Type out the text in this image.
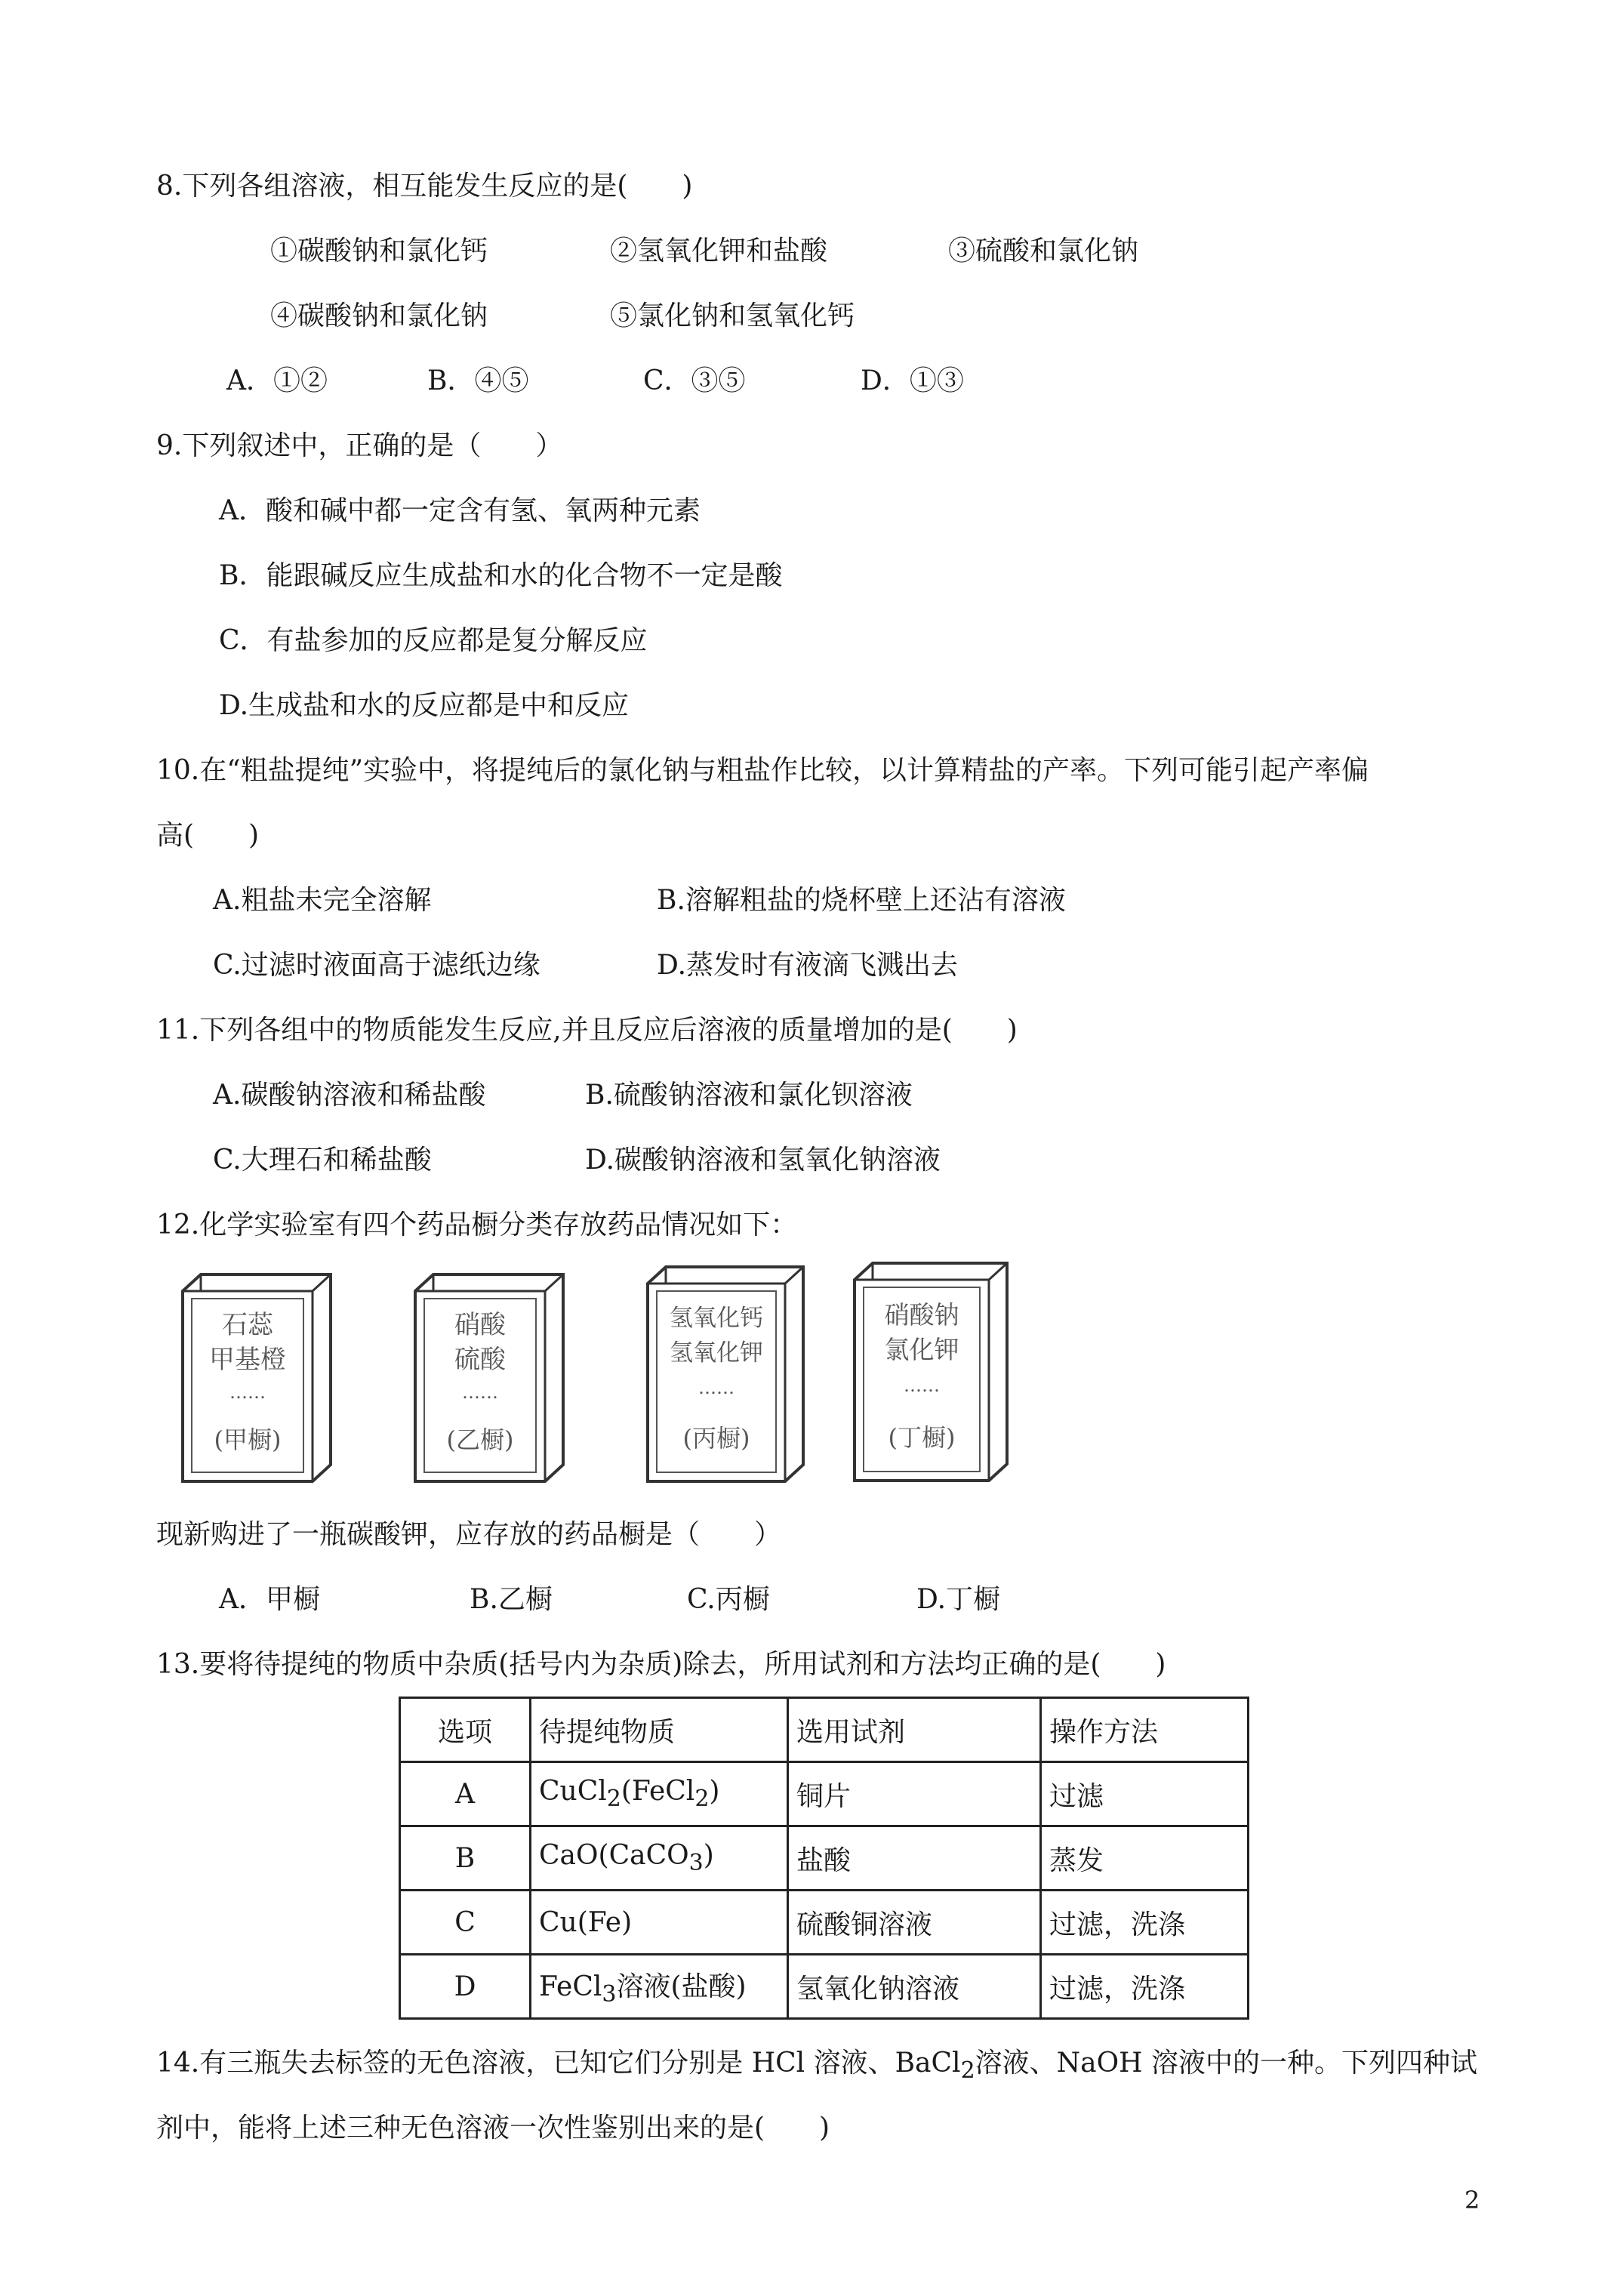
8.下列各组溶液，相互能发生反应的是(　　)
①碳酸钠和氯化钙	②氢氧化钾和盐酸	③硫酸和氯化钠
④碳酸钠和氯化钠	⑤氯化钠和氢氧化钙
A．①②	B．④⑤	C．③⑤	D．①③
9.下列叙述中，正确的是（　　）
A．酸和碱中都一定含有氢、氧两种元素
B．能跟碱反应生成盐和水的化合物不一定是酸
C．有盐参加的反应都是复分解反应
D.生成盐和水的反应都是中和反应
10.在“粗盐提纯”实验中，将提纯后的氯化钠与粗盐作比较，以计算精盐的产率。下列可能引起产率偏
高(　　)
A.粗盐未完全溶解	B.溶解粗盐的烧杯壁上还沾有溶液
C.过滤时液面高于滤纸边缘	D.蒸发时有液滴飞溅出去
11.下列各组中的物质能发生反应,并且反应后溶液的质量增加的是(　　)
A.碳酸钠溶液和稀盐酸	B.硫酸钠溶液和氯化钡溶液
C.大理石和稀盐酸	D.碳酸钠溶液和氢氧化钠溶液
12.化学实验室有四个药品橱分类存放药品情况如下：
石蕊
甲基橙
……
(甲橱)
硝酸
硫酸
……
(乙橱)
氢氧化钙
氢氧化钾
……
(丙橱)
硝酸钠
氯化钾
……
(丁橱)
现新购进了一瓶碳酸钾，应存放的药品橱是（　　）
A．甲橱	B.乙橱	C.丙橱	D.丁橱
13.要将待提纯的物质中杂质(括号内为杂质)除去，所用试剂和方法均正确的是(　　)
选项	待提纯物质	选用试剂	操作方法
A	CuCl$_2$(FeCl$_2$)	铜片	过滤
B	CaO(CaCO$_3$)	盐酸	蒸发
C	Cu(Fe)	硫酸铜溶液	过滤，洗涤
D	FeCl$_3$溶液(盐酸)	氢氧化钠溶液	过滤，洗涤
14.有三瓶失去标签的无色溶液，已知它们分别是 HCl 溶液、BaCl$_2$溶液、NaOH 溶液中的一种。下列四种试
剂中，能将上述三种无色溶液一次性鉴别出来的是(　　)
2
